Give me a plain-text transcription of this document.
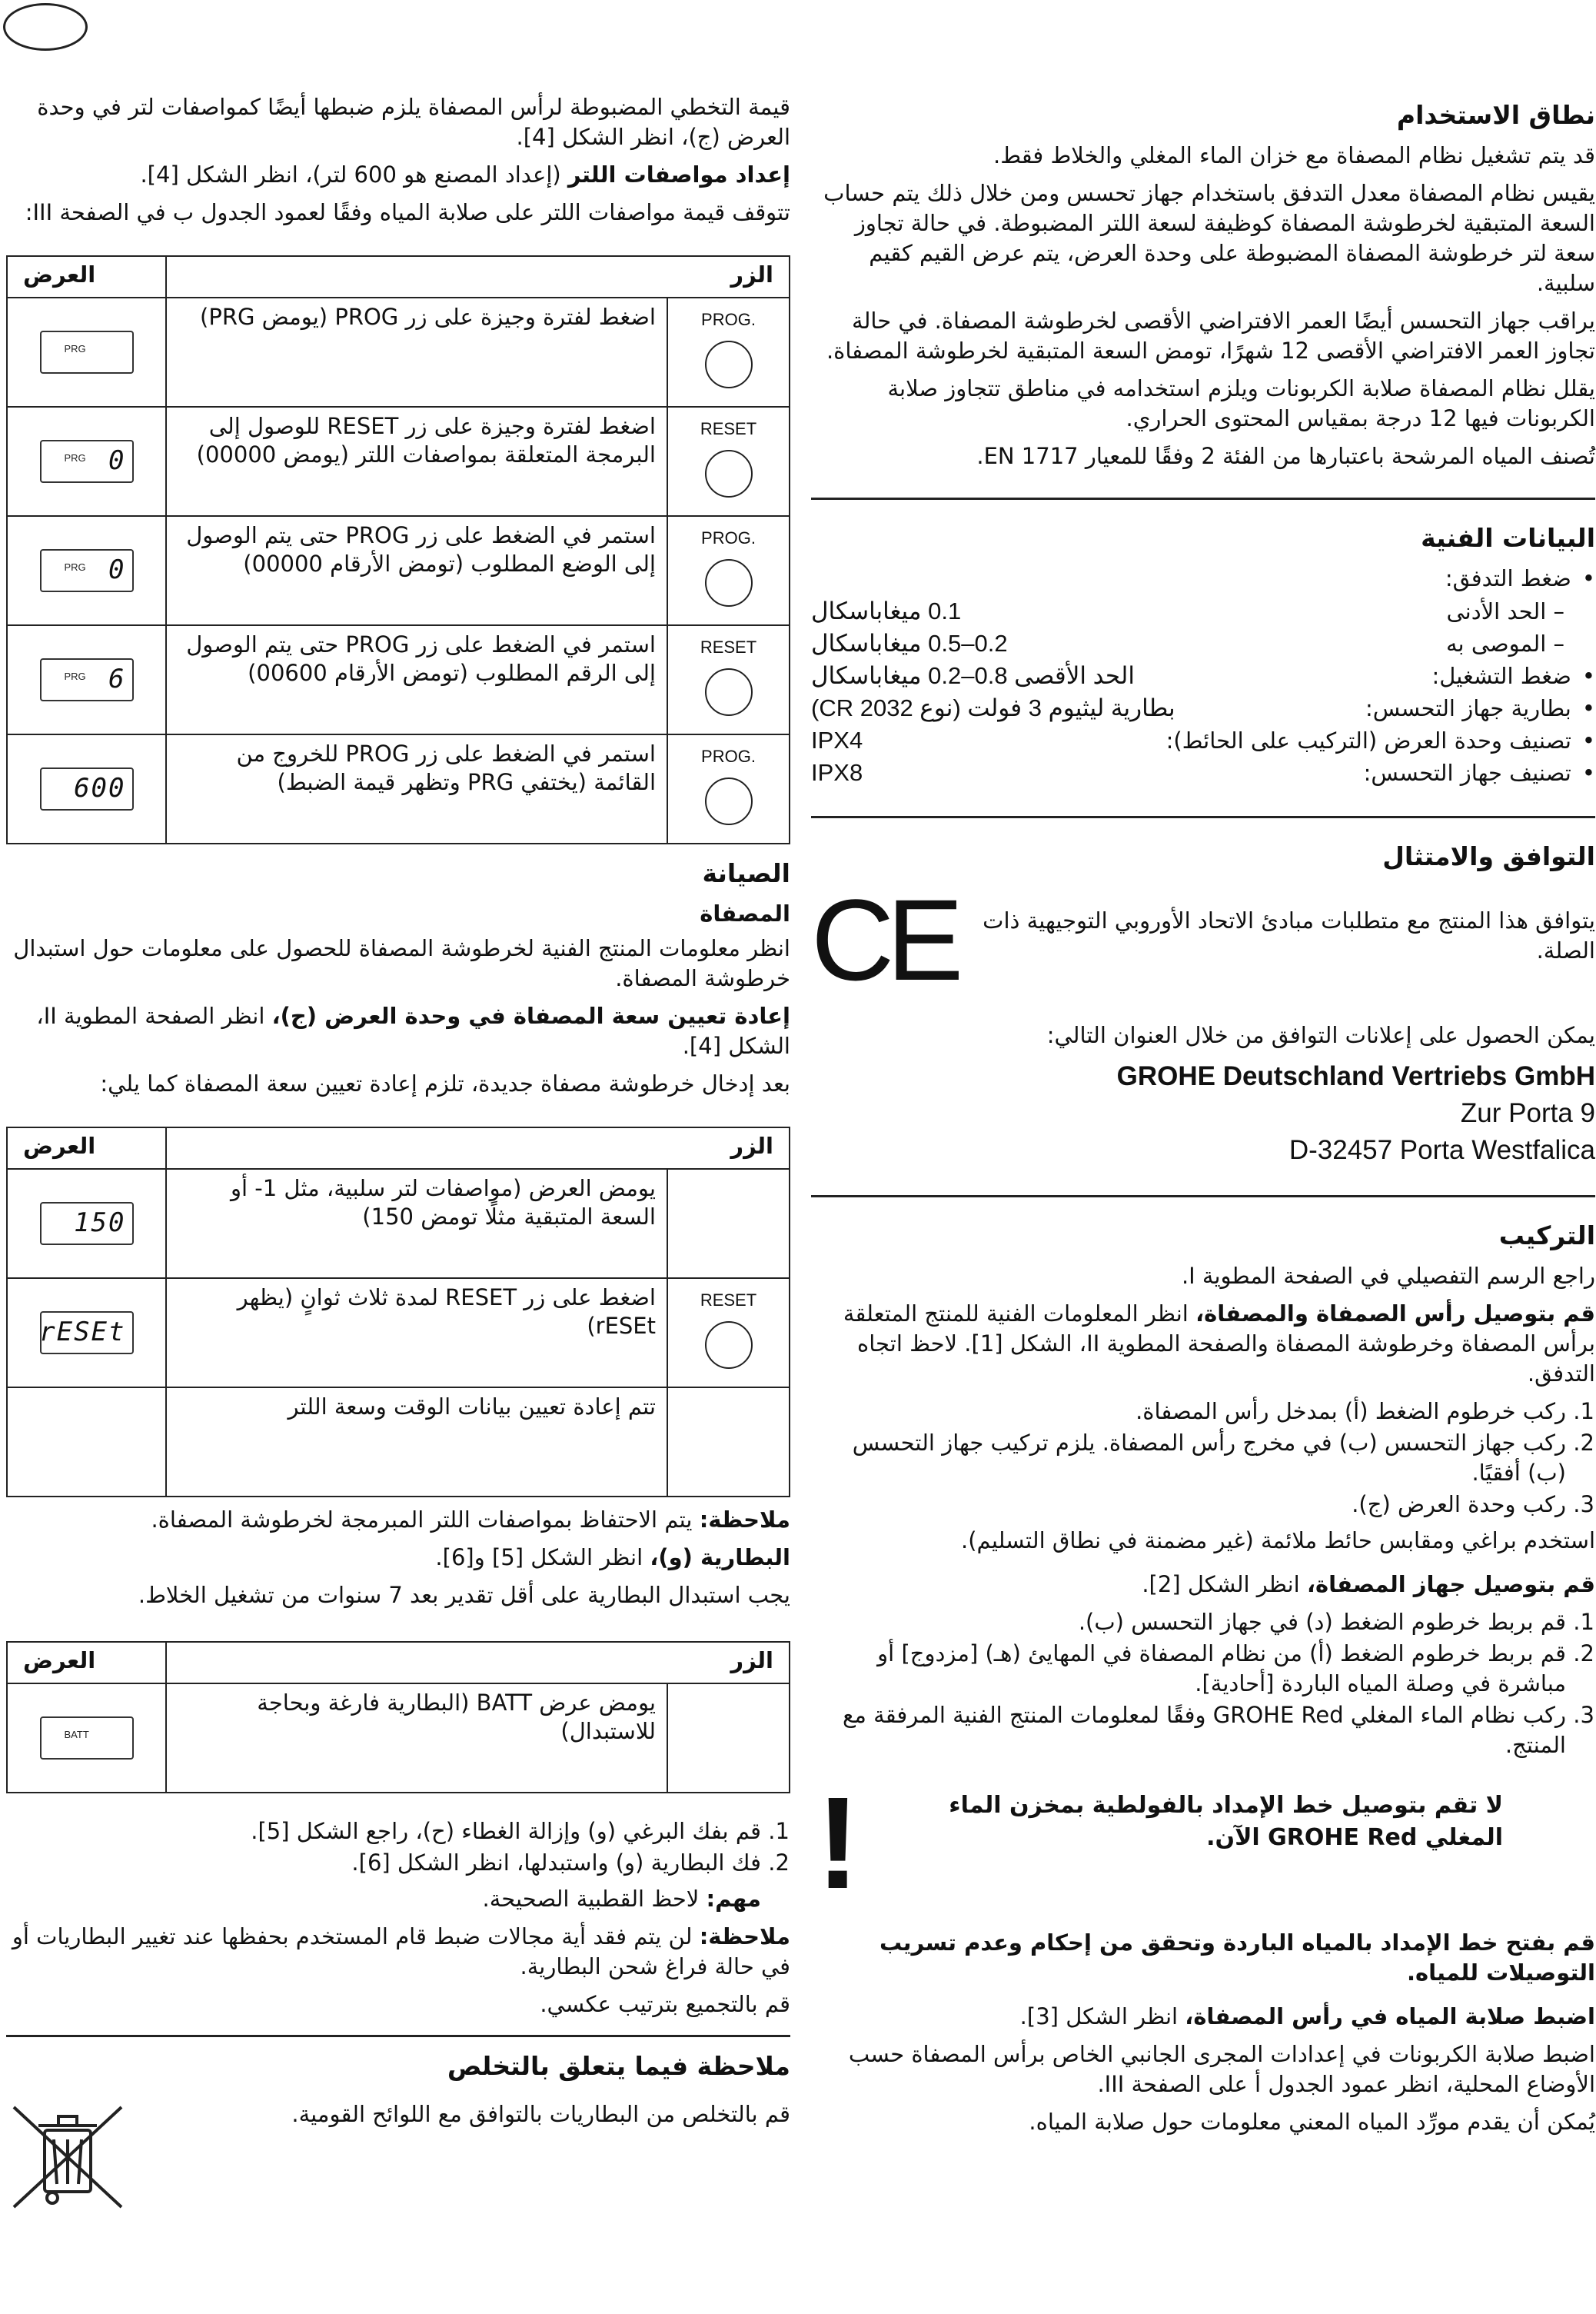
نطاق الاستخدام

قد يتم تشغيل نظام المصفاة مع خزان الماء المغلي والخلاط فقط.

يقيس نظام المصفاة معدل التدفق باستخدام جهاز تحسس ومن خلال ذلك يتم حساب السعة المتبقية لخرطوشة المصفاة كوظيفة لسعة اللتر المضبوطة. في حالة تجاوز سعة لتر خرطوشة المصفاة المضبوطة على وحدة العرض، يتم عرض القيم كقيم سلبية.

يراقب جهاز التحسس أيضًا العمر الافتراضي الأقصى لخرطوشة المصفاة. في حالة تجاوز العمر الافتراضي الأقصى 12 شهرًا، تومض السعة المتبقية لخرطوشة المصفاة.

يقلل نظام المصفاة صلابة الكربونات ويلزم استخدامه في مناطق تتجاوز صلابة الكربونات فيها 12 درجة بمقياس المحتوى الحراري.

تُصنف المياه المرشحة باعتبارها من الفئة 2 وفقًا للمعيار EN 1717.

البيانات الفنية
• ضغط التدفق:
– الحد الأدنى
0.1 ميغاباسكال
– الموصى به
0.2–0.5 ميغاباسكال
• ضغط التشغيل:
الحد الأقصى 0.8–0.2 ميغاباسكال
• بطارية جهاز التحسس:
بطارية ليثيوم 3 فولت (نوع CR 2032)
• تصنيف وحدة العرض (التركيب على الحائط):
IPX4
• تصنيف جهاز التحسس:
IPX8
التوافق والامتثال

يتوافق هذا المنتج مع متطلبات مبادئ الاتحاد الأوروبي التوجيهية ذات الصلة.

CE

يمكن الحصول على إعلانات التوافق من خلال العنوان التالي:

GROHE Deutschland Vertriebs GmbH
Zur Porta 9
D-32457 Porta Westfalica
التركيب

راجع الرسم التفصيلي في الصفحة المطوية I.

قم بتوصيل رأس الصمفاة والمصفاة، انظر المعلومات الفنية للمنتج المتعلقة برأس المصفاة وخرطوشة المصفاة والصفحة المطوية II، الشكل [1]. لاحظ اتجاه التدفق.

1. ركب خرطوم الضغط (أ) بمدخل رأس المصفاة.
2. ركب جهاز التحسس (ب) في مخرج رأس المصفاة. يلزم تركيب جهاز التحسس (ب) أفقيًا.
3. ركب وحدة العرض (ج).

استخدم براغي ومقابس حائط ملائمة (غير مضمنة في نطاق التسليم).

قم بتوصيل جهاز المصفاة، انظر الشكل [2].

1. قم بربط خرطوم الضغط (د) في جهاز التحسس (ب).
2. قم بربط خرطوم الضغط (أ) من نظام المصفاة في المهايئ (هـ) [مزدوج] أو مباشرة في وصلة المياه الباردة [أحادية].
3. ركب نظام الماء المغلي GROHE Red وفقًا لمعلومات المنتج الفنية المرفقة مع المنتج.
لا تقم بتوصيل خط الإمداد بالفولطية بمخزن الماء المغلي GROHE Red الآن.
!

قم بفتح خط الإمداد بالمياه الباردة وتحقق من إحكام وعدم تسريب التوصيلات للمياه.

اضبط صلابة المياه في رأس المصفاة، انظر الشكل [3].

اضبط صلابة الكربونات في إعدادات المجرى الجانبي الخاص برأس المصفاة حسب الأوضاع المحلية، انظر عمود الجدول أ على الصفحة III.

يُمكن أن يقدم مورِّد المياه المعني معلومات حول صلابة المياه.

قيمة التخطي المضبوطة لرأس المصفاة يلزم ضبطها أيضًا كمواصفات لتر في وحدة العرض (ج)، انظر الشكل [4].

إعداد مواصفات اللتر (إعداد المصنع هو 600 لتر)، انظر الشكل [4].

تتوقف قيمة مواصفات اللتر على صلابة المياه وفقًا لعمود الجدول ب في الصفحة III:

الزر		العرض

PROG.	اضغط لفترة وجيزة على زر PROG (يومض PRG)	PRG

RESET	اضغط لفترة وجيزة على زر RESET للوصول إلى البرمجة المتعلقة بمواصفات اللتر (يومض 00000)	PRG 0

PROG.	استمر في الضغط على زر PROG حتى يتم الوصول إلى الوضع المطلوب (تومض الأرقام 00000)	PRG 0

RESET	استمر في الضغط على زر PROG حتى يتم الوصول إلى الرقم المطلوب (تومض الأرقام 00600)	PRG 6

PROG.	استمر في الضغط على زر PROG للخروج من القائمة (يختفي PRG وتظهر قيمة الضبط)	600
الصيانة
المصفاة

انظر معلومات المنتج الفنية لخرطوشة المصفاة للحصول على معلومات حول استبدال خرطوشة المصفاة.

إعادة تعيين سعة المصفاة في وحدة العرض (ج)، انظر الصفحة المطوية II، الشكل [4].

بعد إدخال خرطوشة مصفاة جديدة، تلزم إعادة تعيين سعة المصفاة كما يلي:

الزر		العرض
	يومض العرض (مواصفات لتر سلبية، مثل 1- أو السعة المتبقية مثلًا تومض 150)	150

RESET	اضغط على زر RESET لمدة ثلاث ثوانٍ (يظهر rESEt)	rESEt

	تتم إعادة تعيين بيانات الوقت وسعة اللتر	

ملاحظة: يتم الاحتفاظ بمواصفات اللتر المبرمجة لخرطوشة المصفاة.

البطارية (و)، انظر الشكل [5] و[6].

يجب استبدال البطارية على أقل تقدير بعد 7 سنوات من تشغيل الخلاط.

الزر		العرض
	يومض عرض BATT (البطارية فارغة وبحاجة للاستبدال)	BATT
1. قم بفك البرغي (و) وإزالة الغطاء (ح)، راجع الشكل [5].
2. فك البطارية (و) واستبدلها، انظر الشكل [6].

مهم: لاحظ القطبية الصحيحة.

ملاحظة: لن يتم فقد أية مجالات ضبط قام المستخدم بحفظها عند تغيير البطاريات أو في حالة فراغ شحن البطارية.

قم بالتجميع بترتيب عكسي.

ملاحظة فيما يتعلق بالتخلص

قم بالتخلص من البطاريات بالتوافق مع اللوائح القومية.
